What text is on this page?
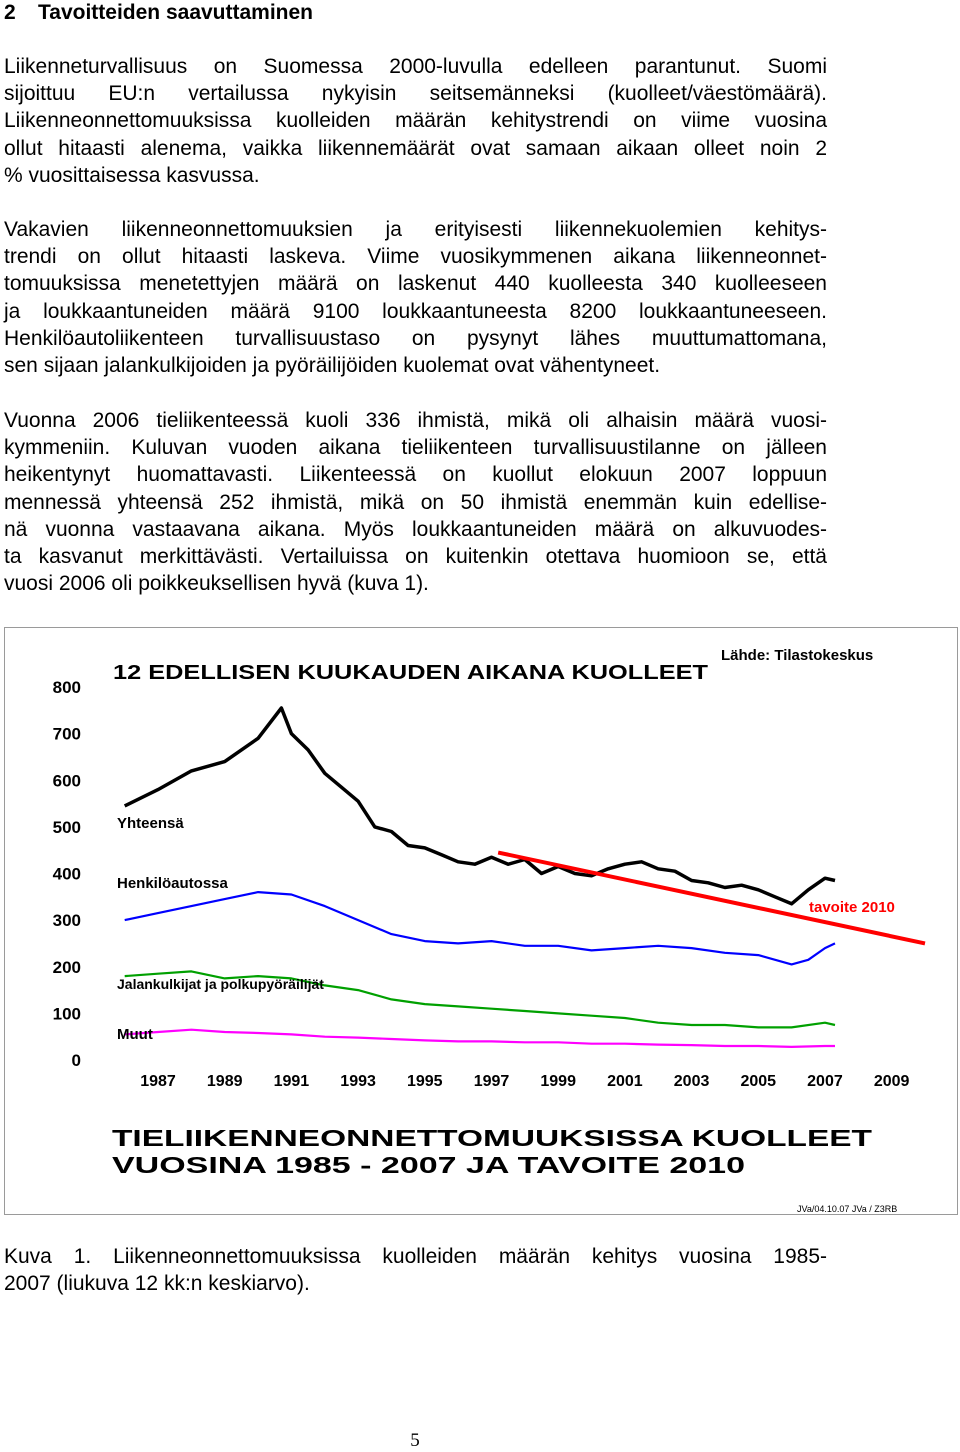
2 Tavoitteiden saavuttaminen
Liikenneturvallisuus on Suomessa 2000-luvulla edelleen parantunut. Suomi
sijoittuu EU:n vertailussa nykyisin seitsemänneksi (kuolleet/väestömäärä).
Liikenneonnettomuuksissa kuolleiden määrän kehitystrendi on viime vuosina
ollut hitaasti alenema, vaikka liikennemäärät ovat samaan aikaan olleet noin 2
% vuosittaisessa kasvussa.
Vakavien liikenneonnettomuuksien ja erityisesti liikennekuolemien kehitys-
trendi on ollut hitaasti laskeva. Viime vuosikymmenen aikana liikenneonnet-
tomuuksissa menetettyjen määrä on laskenut 440 kuolleesta 340 kuolleeseen
ja loukkaantuneiden määrä 9100 loukkaantuneesta 8200 loukkaantuneeseen.
Henkilöautoliikenteen turvallisuustaso on pysynyt lähes muuttumattomana,
sen sijaan jalankulkijoiden ja pyöräilijöiden kuolemat ovat vähentyneet.
Vuonna 2006 tieliikenteessä kuoli 336 ihmistä, mikä oli alhaisin määrä vuosi-
kymmeniin. Kuluvan vuoden aikana tieliikenteen turvallisuustilanne on jälleen
heikentynyt huomattavasti. Liikenteessä on kuollut elokuun 2007 loppuun
mennessä yhteensä 252 ihmistä, mikä on 50 ihmistä enemmän kuin edellise-
nä vuonna vastaavana aikana. Myös loukkaantuneiden määrä on alkuvuodes-
ta kasvanut merkittävästi. Vertailuissa on kuitenkin otettava huomioon se, että
vuosi 2006 oli poikkeuksellisen hyvä (kuva 1).
0
100
200
300
400
500
600
700
800
1987 1989 1991 1993 1995 1997 1999 2001 2003 2005 2007 2009
Yhteensä
Henkilöautossa
Jalankulkijat ja polkupyöräilijät
Muut
tavoite 2010
12 EDELLISEN KUUKAUDEN AIKANA KUOLLEET
Lähde: Tilastokeskus
TIELIIKENNEONNETTOMUUKSISSA KUOLLEET
VUOSINA 1985 - 2007 JA TAVOITE 2010
JVa/04.10.07 JVa / Z3RB
Kuva 1. Liikenneonnettomuuksissa kuolleiden määrän kehitys vuosina 1985-
2007 (liukuva 12 kk:n keskiarvo).
5
